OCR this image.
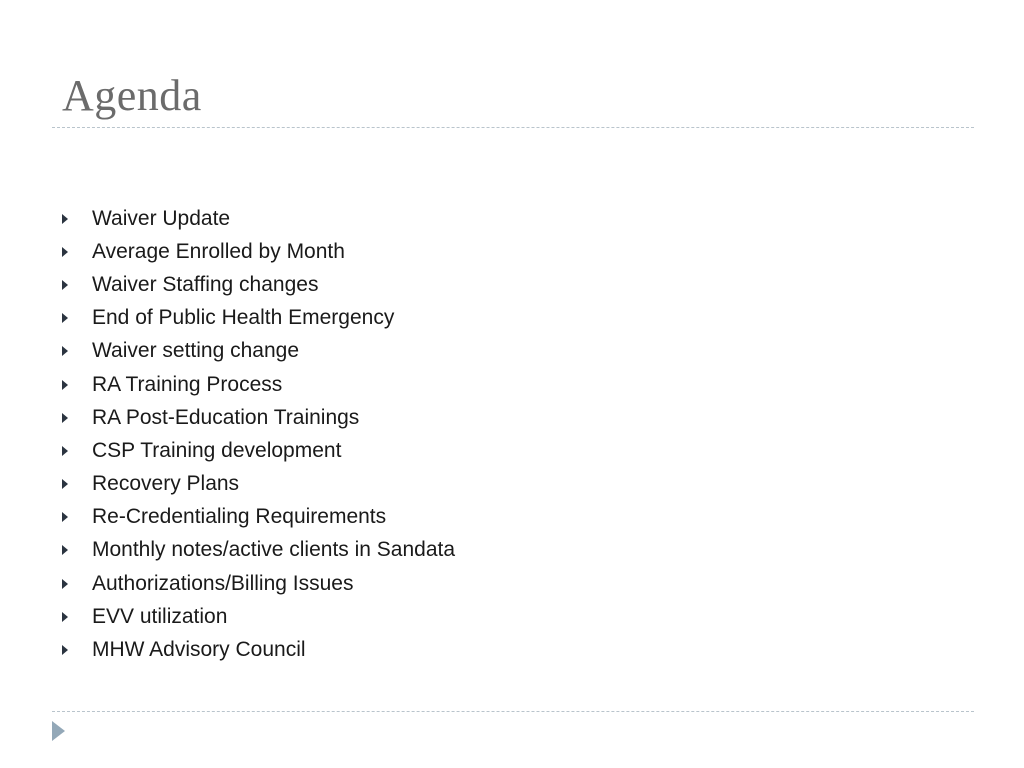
Agenda
Waiver Update
Average Enrolled by Month
Waiver Staffing changes
End of Public Health Emergency
Waiver setting change
RA Training Process
RA Post-Education Trainings
CSP Training development
Recovery Plans
Re-Credentialing Requirements
Monthly notes/active clients in Sandata
Authorizations/Billing Issues
EVV utilization
MHW Advisory Council
